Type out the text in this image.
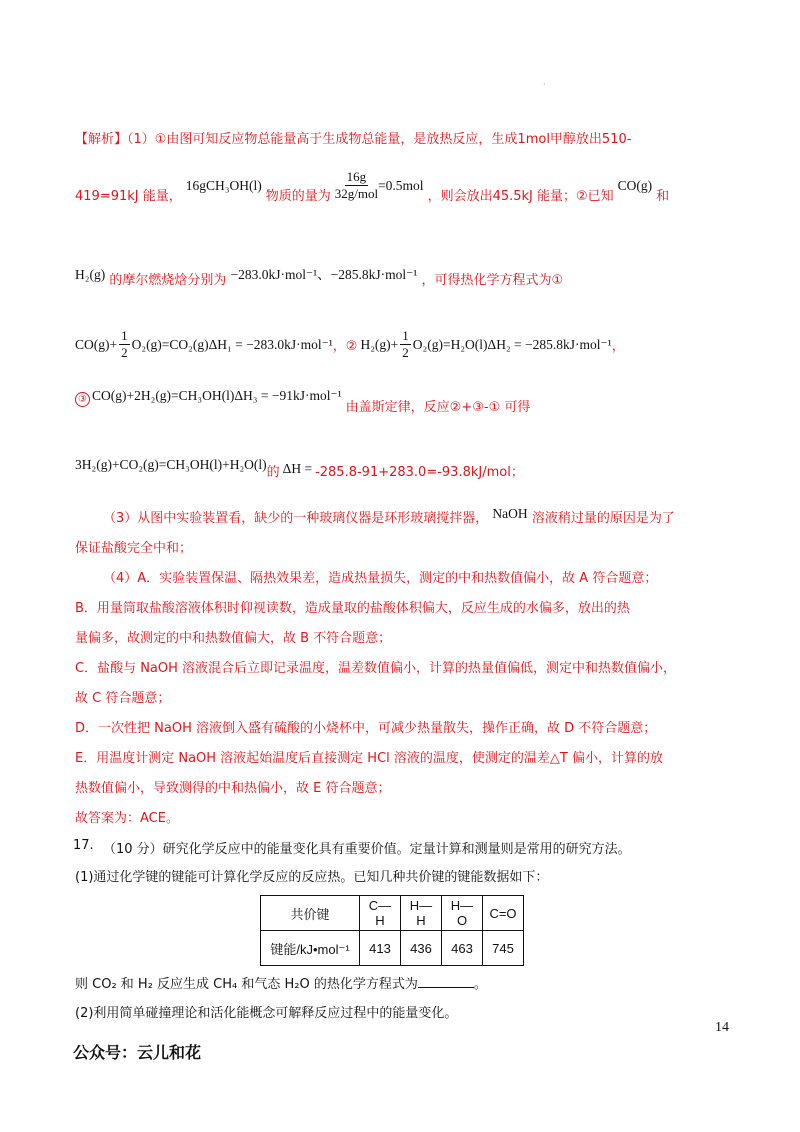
·
【解析】（1）①由图可知反应物总能量高于生成物总能量，是放热反应，生成1mol甲醇放出510-
419=91kJ 能量，
16gCH₃OH(l)
物质的量为 $\frac{16g}{\text{32g/mol}} =0.5mol$
，则会放出45.5kJ 能量；②已知
CO(g)
和
H₂(g) 的摩尔燃烧焓分别为 −283.0kJ·mol⁻¹、−285.8kJ·mol⁻¹ ，可得热化学方程式为①
$CO(g)+ \frac{1}{2} O_2(g)=CO_2(g)\Delta H_1 = -283.0kJ\cdot mol^{-1}$ ，② $H_2(g)+ \frac{1}{2} O_2(g)=H_2O(l)\Delta H_2 = -285.8kJ\cdot mol^{-1}$ ，
③ CO(g)+2H₂(g)=CH₃OH(l)ΔH₃ = −91kJ·mol⁻¹
由盖斯定律，反应②+③-① 可得
3H₂(g)+CO₂(g)=CH₃OH(l)+H₂O(l)
的 ΔH = -285.8-91+283.0=-93.8kJ/mol；
（3）从图中实验装置看，缺少的一种玻璃仪器是环形玻璃搅拌器， NaOH 溶液稍过量的原因是为了
保证盐酸完全中和；
（4）A．实验装置保温、隔热效果差，造成热量损失，测定的中和热数值偏小，故 A 符合题意；
B．用量筒取盐酸溶液体积时仰视读数，造成量取的盐酸体积偏大，反应生成的水偏多，放出的热
量偏多，故测定的中和热数值偏大，故 B 不符合题意；
C．盐酸与 NaOH 溶液混合后立即记录温度，温差数值偏小，计算的热量值偏低，测定中和热数值偏小，
故 C 符合题意；
D．一次性把 NaOH 溶液倒入盛有硫酸的小烧杯中，可减少热量散失，操作正确，故 D 不符合题意；
E．用温度计测定 NaOH 溶液起始温度后直接测定 HCl 溶液的温度，使测定的温差△T 偏小，计算的放
热数值偏小，导致测得的中和热偏小，故 E 符合题意；
故答案为：ACE。
17. （10 分）研究化学反应中的能量变化具有重要价值。定量计算和测量则是常用的研究方法。
(1)通过化学键的键能可计算化学反应的反应热。已知几种共价键的键能数据如下：
共价键	C—H	H—H	H—O	C=O
键能/kJ•mol⁻¹	413	436	463	745
则 CO₂ 和 H₂ 反应生成 CH₄ 和气态 H₂O 的热化学方程式为	。
(2)利用简单碰撞理论和活化能概念可解释反应过程中的能量变化。
14
公众号：云儿和花
